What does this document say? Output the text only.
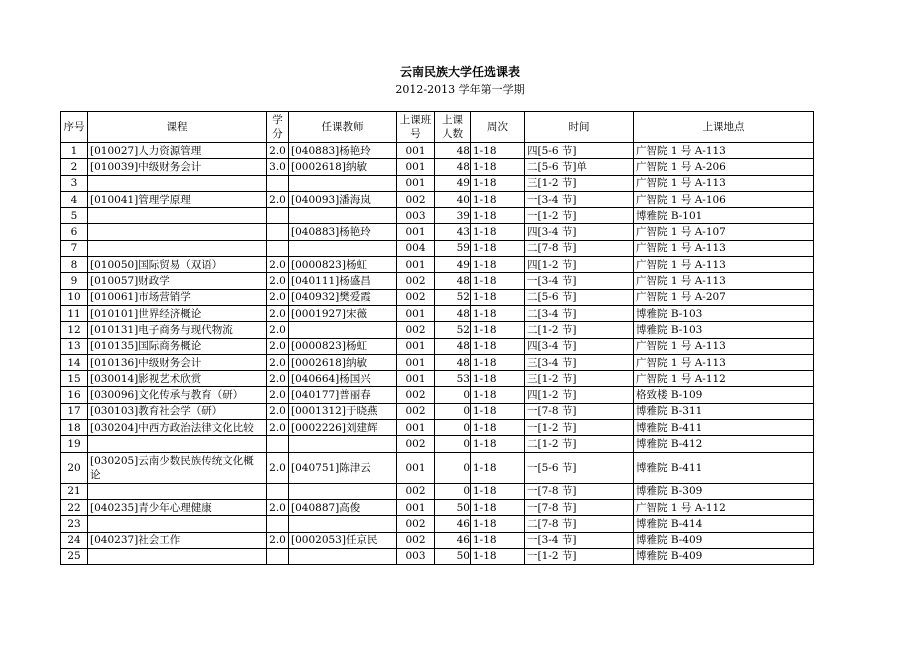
云南民族大学任选课表
2012-2013 学年第一学期
序号	课程	学分	任课教师	上课班号	上课人数	周次	时间	上课地点
1	[010027]人力资源管理	2.0	[040883]杨艳玲	001	48	1-18	四[5-6 节]	广智院 1 号 A-113
2	[010039]中级财务会计	3.0	[0002618]纳敏	001	48	1-18	二[5-6 节]单	广智院 1 号 A-206
3				001	49	1-18	三[1-2 节]	广智院 1 号 A-113
4	[010041]管理学原理	2.0	[040093]潘海岚	002	40	1-18	一[3-4 节]	广智院 1 号 A-106
5				003	39	1-18	一[1-2 节]	博雅院 B-101
6			[040883]杨艳玲	001	43	1-18	四[3-4 节]	广智院 1 号 A-107
7				004	59	1-18	二[7-8 节]	广智院 1 号 A-113
8	[010050]国际贸易（双语）	2.0	[0000823]杨虹	001	49	1-18	四[1-2 节]	广智院 1 号 A-113
9	[010057]财政学	2.0	[040111]杨盛昌	002	48	1-18	一[3-4 节]	广智院 1 号 A-113
10	[010061]市场营销学	2.0	[040932]樊爱霞	002	52	1-18	二[5-6 节]	广智院 1 号 A-207
11	[010101]世界经济概论	2.0	[0001927]宋薇	001	48	1-18	二[3-4 节]	博雅院 B-103
12	[010131]电子商务与现代物流	2.0		002	52	1-18	二[1-2 节]	博雅院 B-103
13	[010135]国际商务概论	2.0	[0000823]杨虹	001	48	1-18	四[3-4 节]	广智院 1 号 A-113
14	[010136]中级财务会计	2.0	[0002618]纳敏	001	48	1-18	三[3-4 节]	广智院 1 号 A-113
15	[030014]影视艺术欣赏	2.0	[040664]杨国兴	001	53	1-18	三[1-2 节]	广智院 1 号 A-112
16	[030096]文化传承与教育（研）	2.0	[040177]普丽春	002	0	1-18	四[1-2 节]	格致楼 B-109
17	[030103]教育社会学（研）	2.0	[0001312]于晓燕	002	0	1-18	一[7-8 节]	博雅院 B-311
18	[030204]中西方政治法律文化比较	2.0	[0002226]刘建辉	001	0	1-18	一[1-2 节]	博雅院 B-411
19				002	0	1-18	二[1-2 节]	博雅院 B-412
20	[030205]云南少数民族传统文化概论	2.0	[040751]陈津云	001	0	1-18	一[5-6 节]	博雅院 B-411
21				002	0	1-18	一[7-8 节]	博雅院 B-309
22	[040235]青少年心理健康	2.0	[040887]高俊	001	50	1-18	一[7-8 节]	广智院 1 号 A-112
23				002	46	1-18	二[7-8 节]	博雅院 B-414
24	[040237]社会工作	2.0	[0002053]任京民	002	46	1-18	一[3-4 节]	博雅院 B-409
25				003	50	1-18	一[1-2 节]	博雅院 B-409
